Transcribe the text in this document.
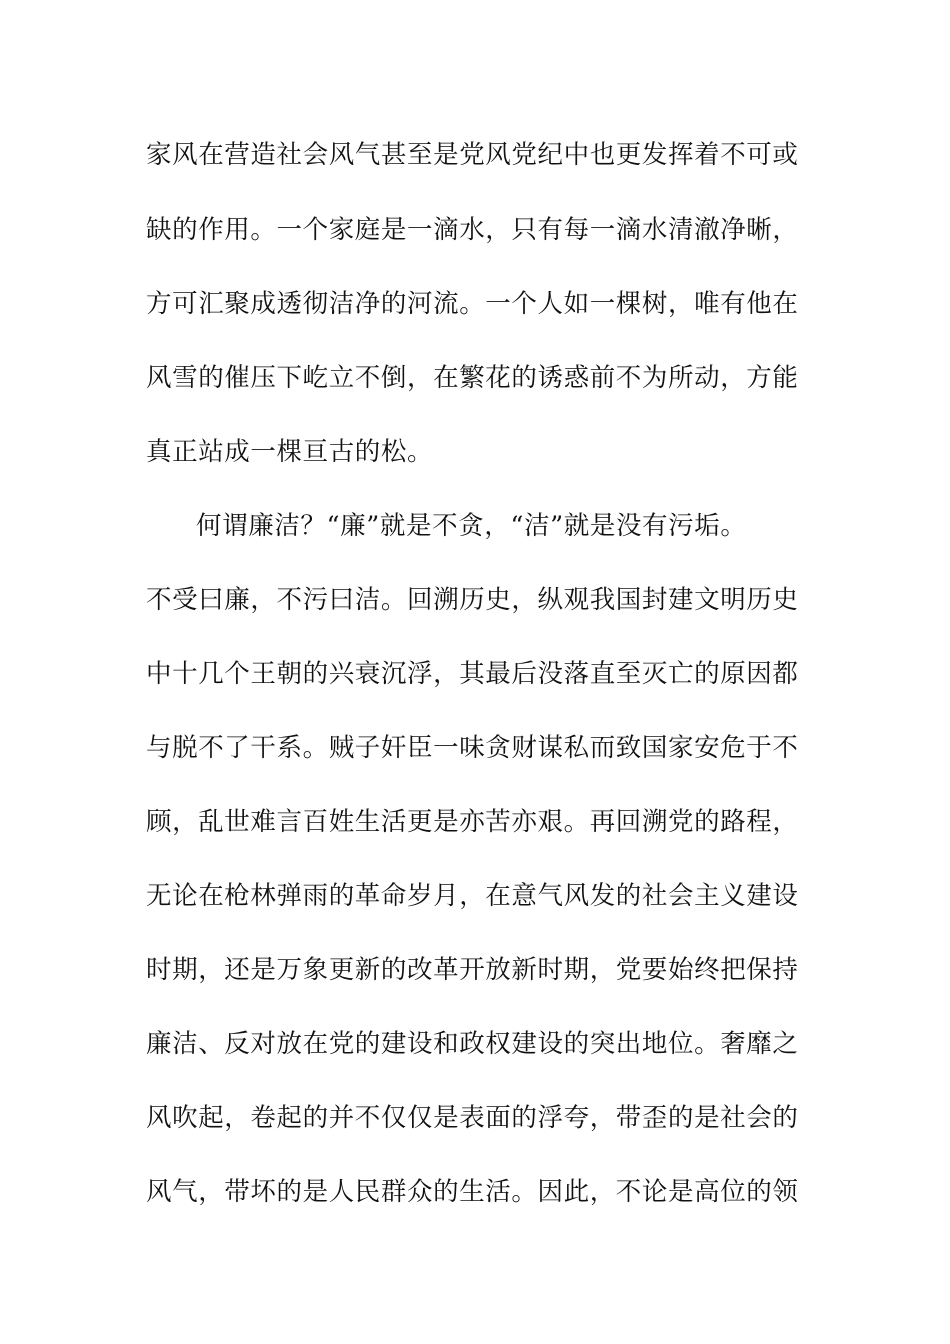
家风在营造社会风气甚至是党风党纪中也更发挥着不可或
缺的作用。一个家庭是一滴水，只有每一滴水清澈净晰，
方可汇聚成透彻洁净的河流。一个人如一棵树，唯有他在
风雪的催压下屹立不倒，在繁花的诱惑前不为所动，方能
真正站成一棵亘古的松。
何谓廉洁？“廉”就是不贪，“洁”就是没有污垢。
不受曰廉，不污曰洁。回溯历史，纵观我国封建文明历史
中十几个王朝的兴衰沉浮，其最后没落直至灭亡的原因都
与脱不了干系。贼子奸臣一味贪财谋私而致国家安危于不
顾，乱世难言百姓生活更是亦苦亦艰。再回溯党的路程，
无论在枪林弹雨的革命岁月，在意气风发的社会主义建设
时期，还是万象更新的改革开放新时期，党要始终把保持
廉洁、反对放在党的建设和政权建设的突出地位。奢靡之
风吹起，卷起的并不仅仅是表面的浮夸，带歪的是社会的
风气，带坏的是人民群众的生活。因此，不论是高位的领
